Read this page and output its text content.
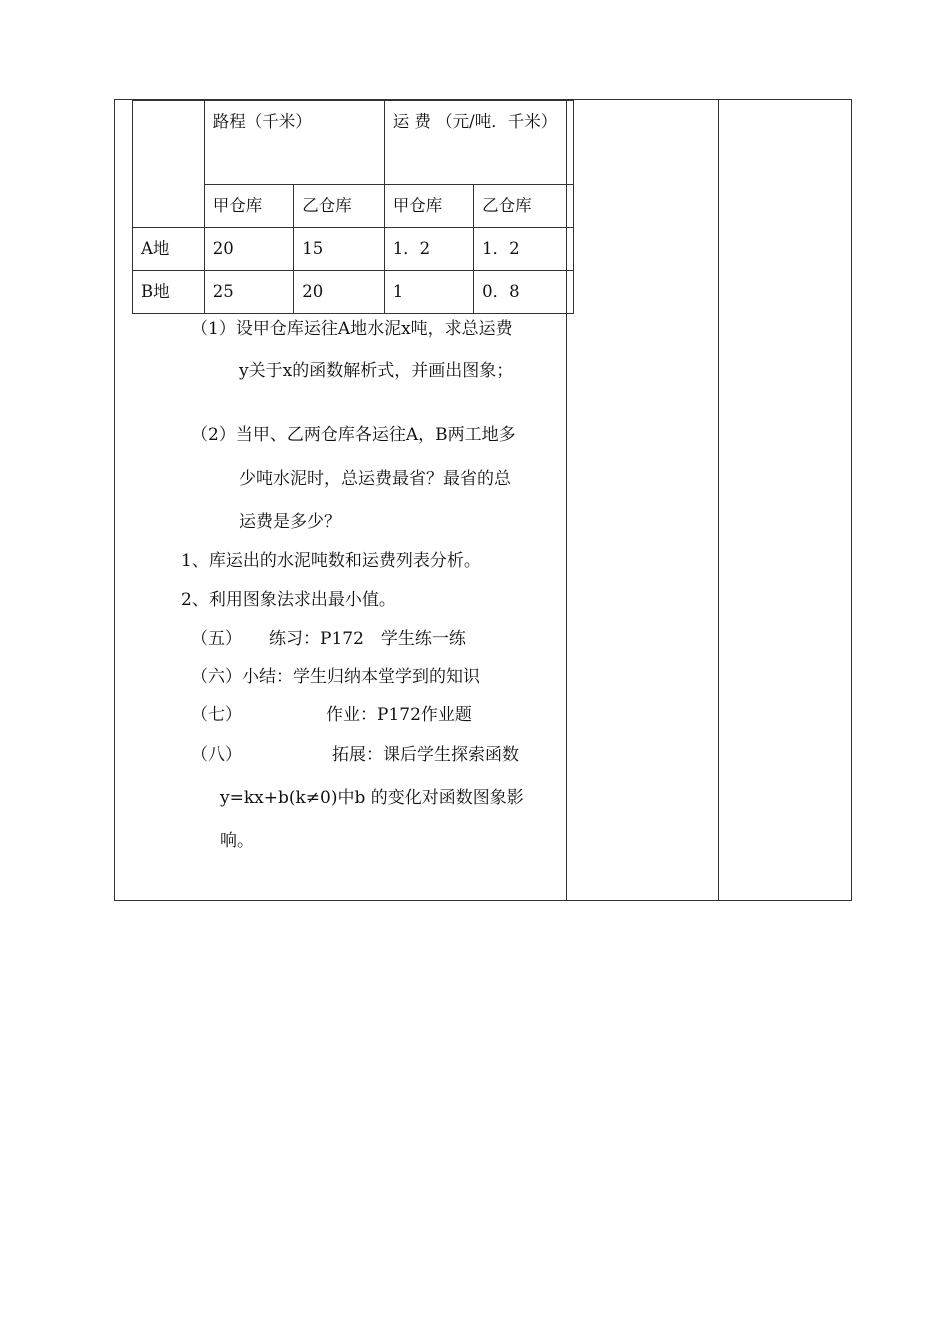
	路程（千米）		运 费 （元/吨．千米）	
	甲仓库	乙仓库	甲仓库	乙仓库
A地	20	15	1．2	1．2
B地	25	20	1	0．8
（1）设甲仓库运往A地水泥x吨，求总运费
y关于x的函数解析式，并画出图象；
（2）当甲、乙两仓库各运往A，B两工地多
少吨水泥时，总运费最省？最省的总
运费是多少？
1、库运出的水泥吨数和运费列表分析。
2、利用图象法求出最小值。
（五） 练习：P172　学生练一练
（六）小结：学生归纳本堂学到的知识
（七）	作业：P172作业题
（八）	拓展：课后学生探索函数
y=kx+b(k≠0)中b 的变化对函数图象影
响。
